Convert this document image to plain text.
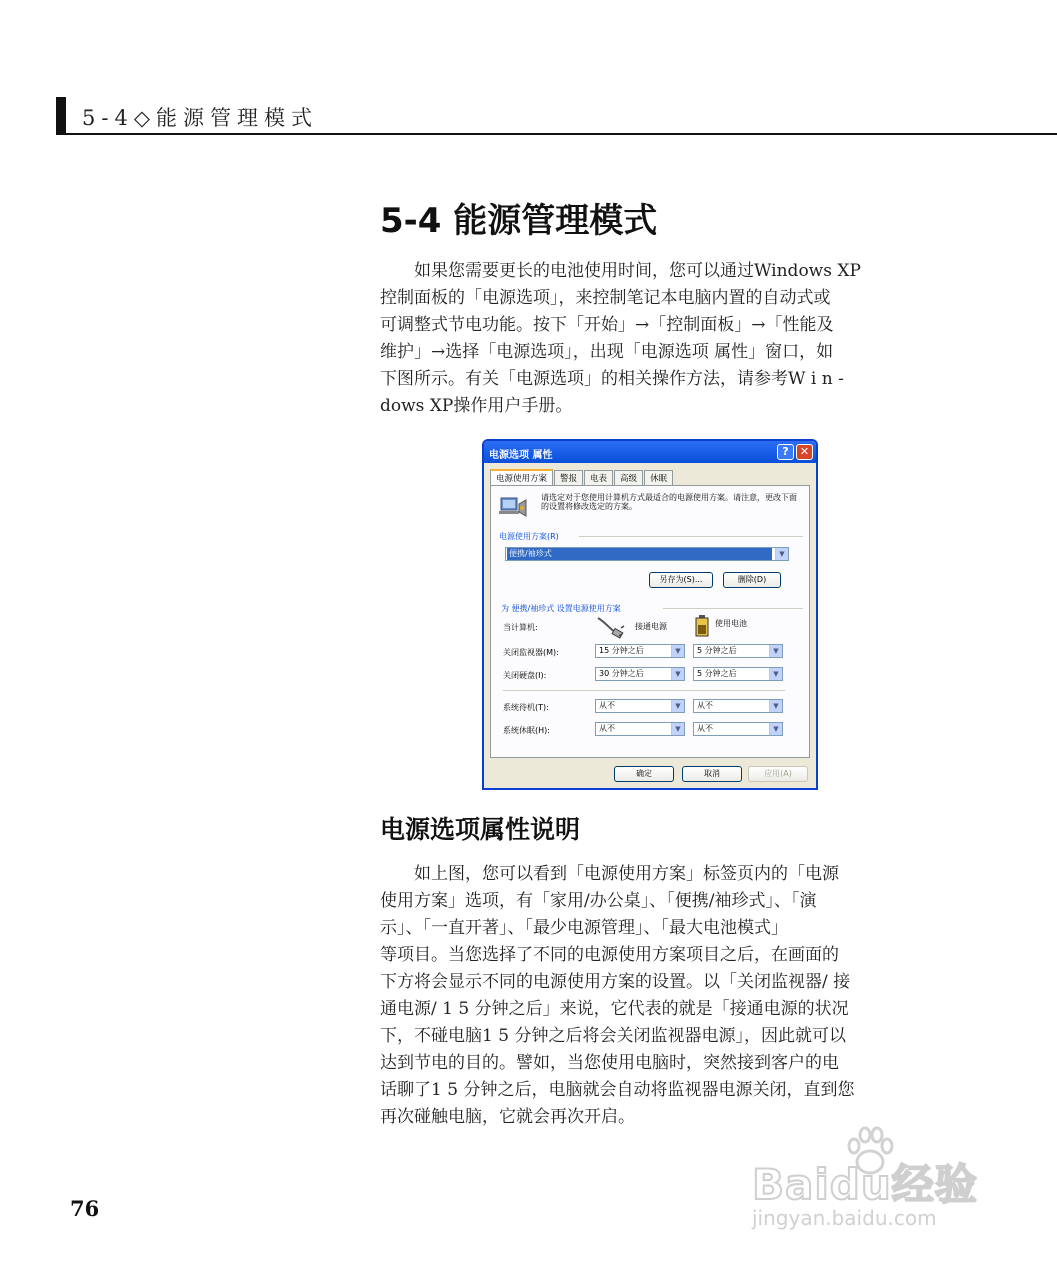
5-4◇能源管理模式
5-4 能源管理模式
如果您需要更长的电池使用时间，您可以通过Windows XP
控制面板的「电源选项」，来控制笔记本电脑内置的自动式或
可调整式节电功能。按下「开始」→「控制面板」→「性能及
维护」→选择「电源选项」，出现「电源选项 属性」窗口，如
下图所示。有关「电源选项」的相关操作方法，请参考W i n -
dows XP操作用户手册。
电源选项 属性	?	✕
电源使用方案	警报	电表	高级	休眠
请选定对于您使用计算机方式最适合的电源使用方案。请注意，更改下面的设置将修改选定的方案。
电源使用方案(R)
便携/袖珍式	▼
另存为(S)...	删除(D)
为 便携/袖珍式 设置电源使用方案
当计算机:	接通电源	使用电池
关闭监视器(M):	15 分钟之后	▼	5 分钟之后	▼
关闭硬盘(I):	30 分钟之后	▼	5 分钟之后	▼
系统待机(T):	从不	▼	从不	▼
系统休眠(H):	从不	▼	从不	▼
确定	取消	应用(A)
电源选项属性说明
如上图，您可以看到「电源使用方案」标签页内的「电源
使用方案」选项，有「家用/办公桌」、「便携/袖珍式」、「演
示」、「一直开著」、「最少电源管理」、「最大电池模式」
等项目。当您选择了不同的电源使用方案项目之后，在画面的
下方将会显示不同的电源使用方案的设置。以「关闭监视器/ 接
通电源/ 1 5 分钟之后」来说，它代表的就是「接通电源的状况
下，不碰电脑1 5 分钟之后将会关闭监视器电源」，因此就可以
达到节电的目的。譬如，当您使用电脑时，突然接到客户的电
话聊了1 5 分钟之后，电脑就会自动将监视器电源关闭，直到您
再次碰触电脑，它就会再次开启。
76	Baidu经验
jingyan.baidu.com
